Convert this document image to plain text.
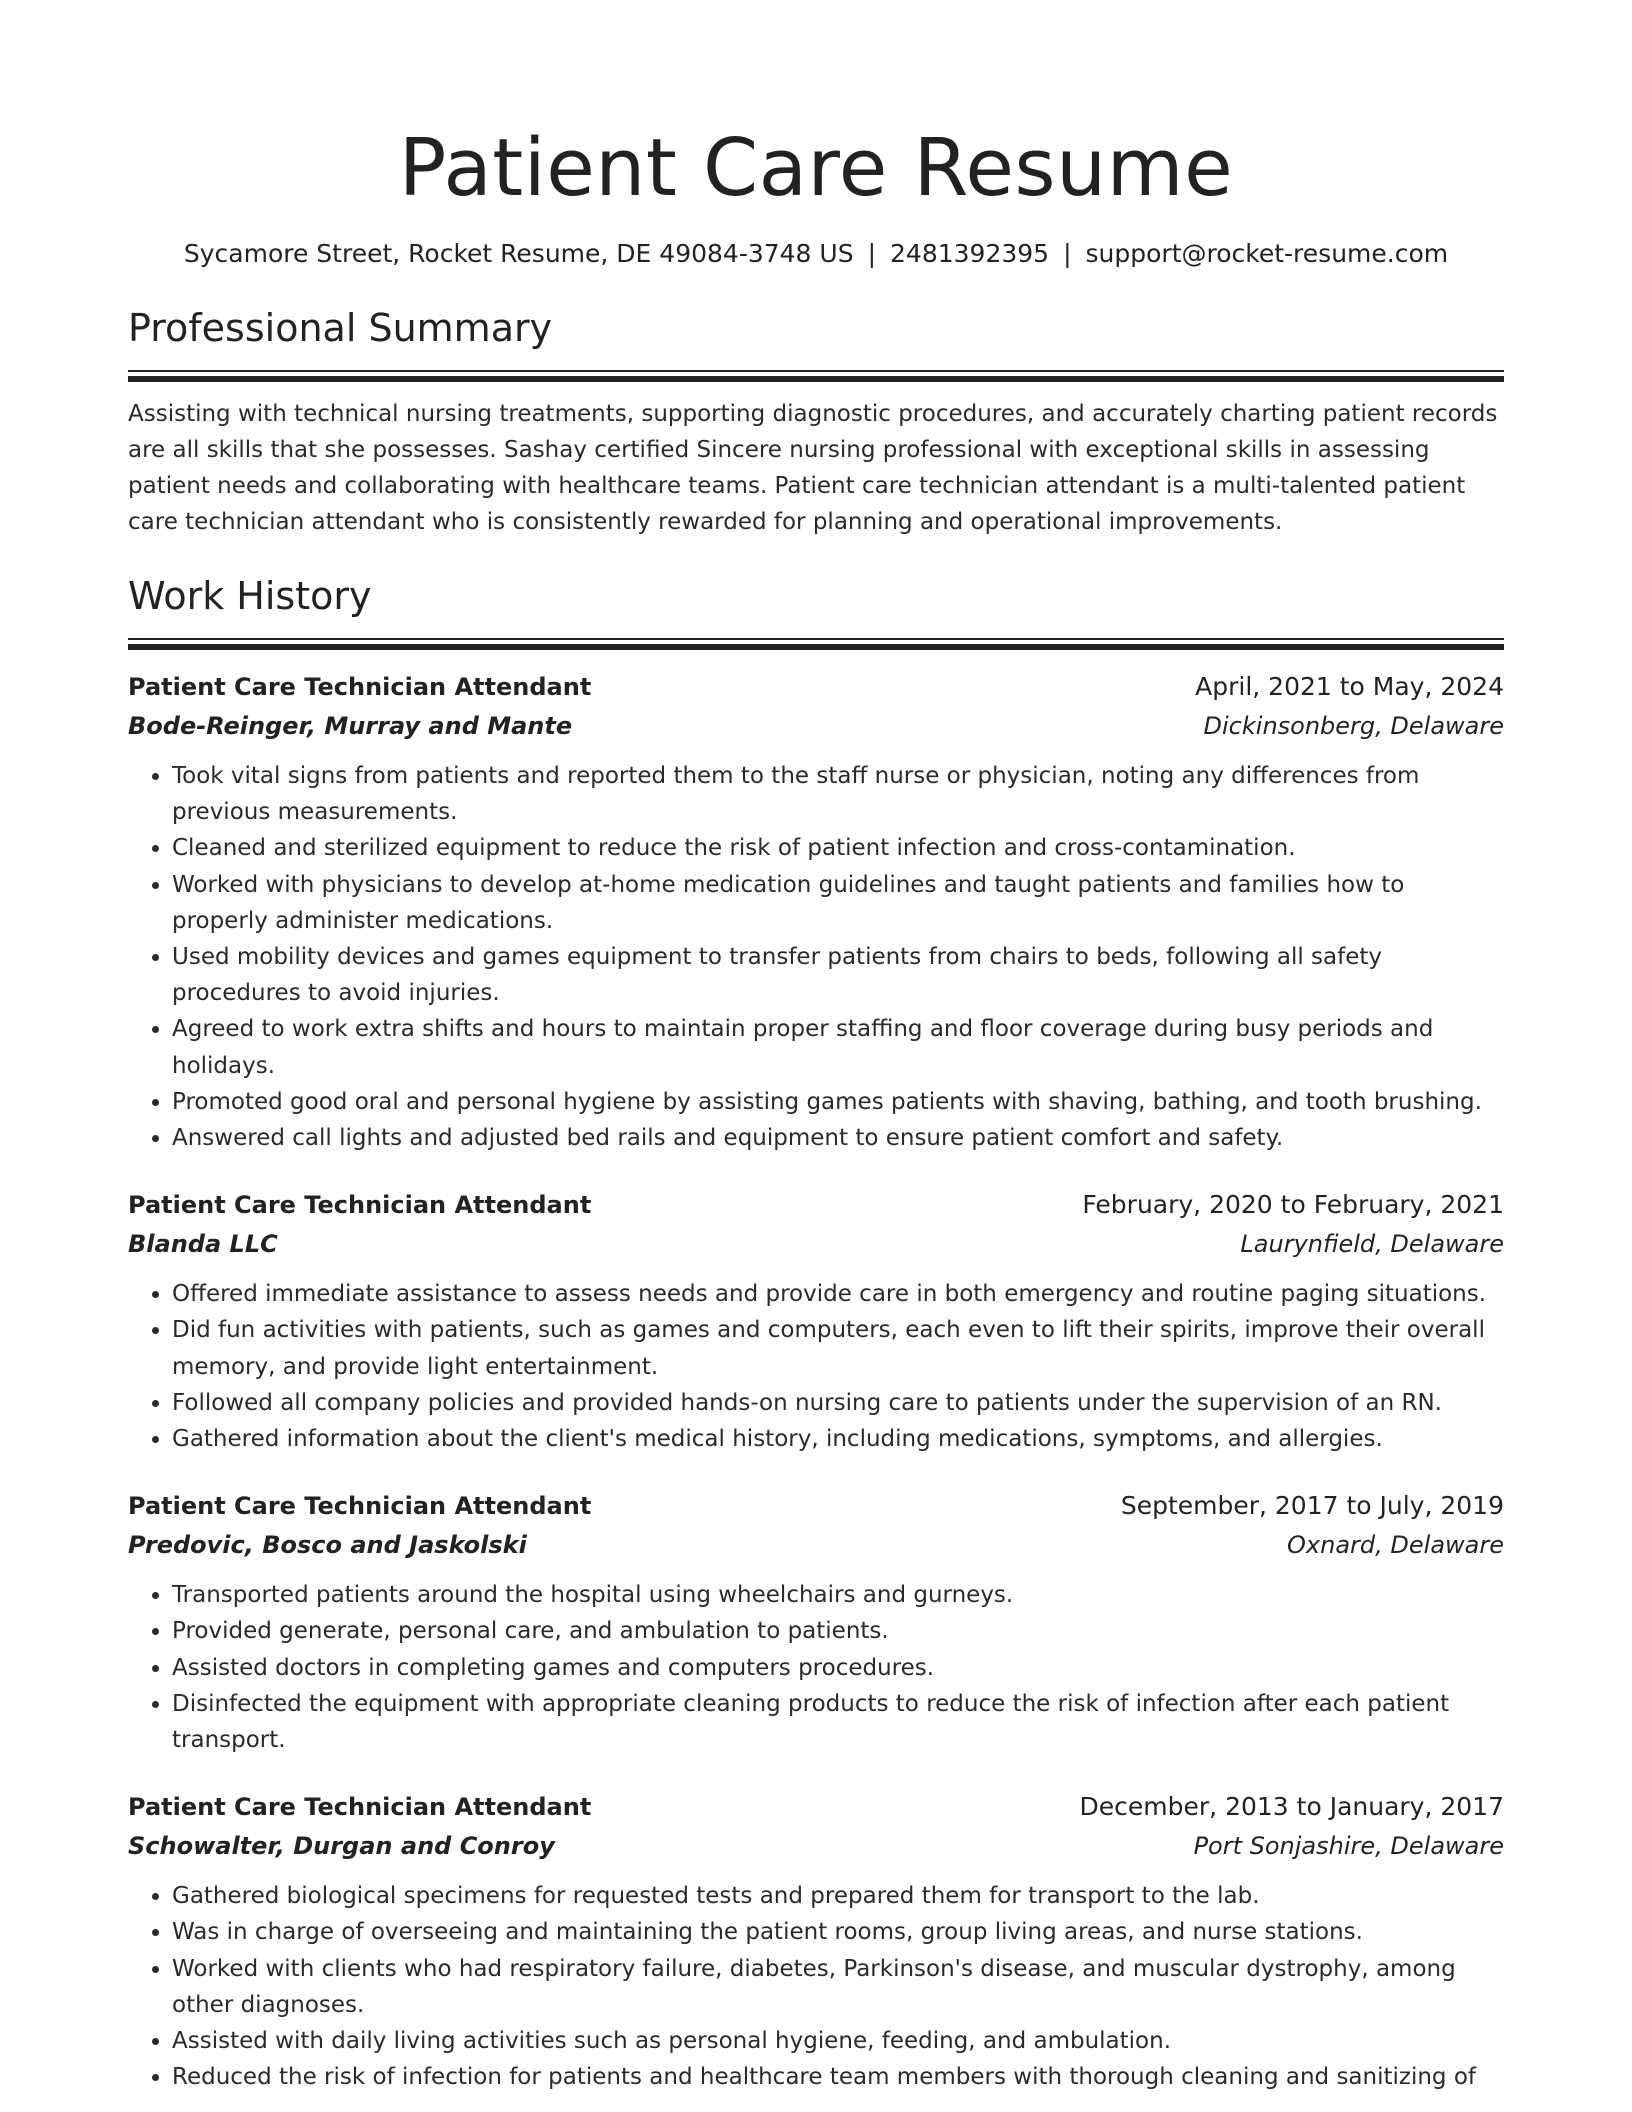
Patient Care Resume
Sycamore Street, Rocket Resume, DE 49084-3748 US | 2481392395 | support@rocket-resume.com
Professional Summary

Assisting with technical nursing treatments, supporting diagnostic procedures, and accurately charting patient records are all skills that she possesses. Sashay certified Sincere nursing professional with exceptional skills in assessing patient needs and collaborating with healthcare teams. Patient care technician attendant is a multi-talented patient care technician attendant who is consistently rewarded for planning and operational improvements.

Work History
Patient Care Technician Attendant	April, 2021 to May, 2024
Bode-Reinger, Murray and Mante	Dickinsonberg, Delaware
• Took vital signs from patients and reported them to the staff nurse or physician, noting any differences from previous measurements.
• Cleaned and sterilized equipment to reduce the risk of patient infection and cross-contamination.
• Worked with physicians to develop at-home medication guidelines and taught patients and families how to properly administer medications.
• Used mobility devices and games equipment to transfer patients from chairs to beds, following all safety procedures to avoid injuries.
• Agreed to work extra shifts and hours to maintain proper staffing and floor coverage during busy periods and holidays.
• Promoted good oral and personal hygiene by assisting games patients with shaving, bathing, and tooth brushing.
• Answered call lights and adjusted bed rails and equipment to ensure patient comfort and safety.
Patient Care Technician Attendant	February, 2020 to February, 2021
Blanda LLC	Laurynfield, Delaware
• Offered immediate assistance to assess needs and provide care in both emergency and routine paging situations.
• Did fun activities with patients, such as games and computers, each even to lift their spirits, improve their overall memory, and provide light entertainment.
• Followed all company policies and provided hands-on nursing care to patients under the supervision of an RN.
• Gathered information about the client's medical history, including medications, symptoms, and allergies.
Patient Care Technician Attendant	September, 2017 to July, 2019
Predovic, Bosco and Jaskolski	Oxnard, Delaware
• Transported patients around the hospital using wheelchairs and gurneys.
• Provided generate, personal care, and ambulation to patients.
• Assisted doctors in completing games and computers procedures.
• Disinfected the equipment with appropriate cleaning products to reduce the risk of infection after each patient transport.
Patient Care Technician Attendant	December, 2013 to January, 2017
Schowalter, Durgan and Conroy	Port Sonjashire, Delaware
• Gathered biological specimens for requested tests and prepared them for transport to the lab.
• Was in charge of overseeing and maintaining the patient rooms, group living areas, and nurse stations.
• Worked with clients who had respiratory failure, diabetes, Parkinson's disease, and muscular dystrophy, among other diagnoses.
• Assisted with daily living activities such as personal hygiene, feeding, and ambulation.
• Reduced the risk of infection for patients and healthcare team members with thorough cleaning and sanitizing of
